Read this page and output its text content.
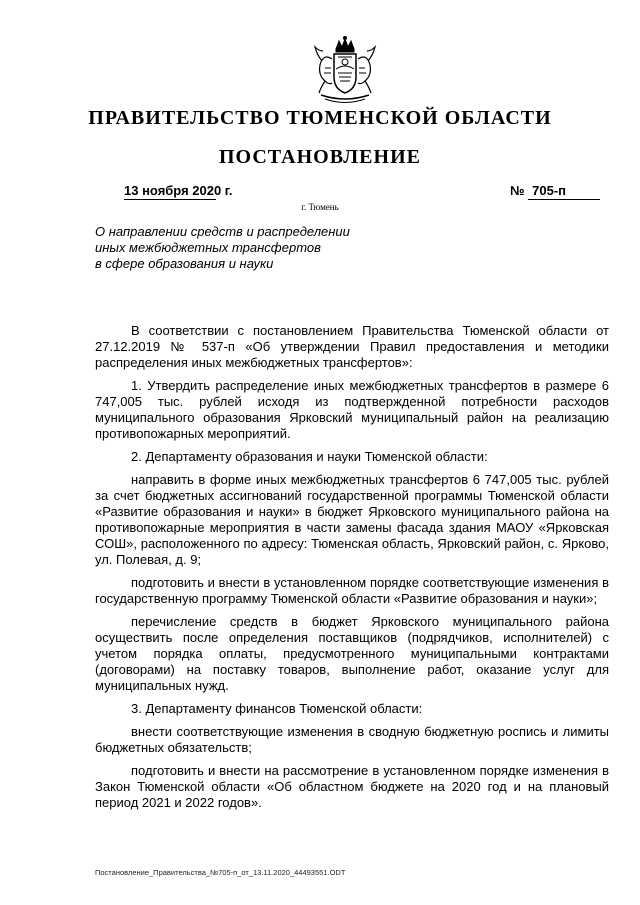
ПРАВИТЕЛЬСТВО ТЮМЕНСКОЙ ОБЛАСТИ
ПОСТАНОВЛЕНИЕ
13 ноября 2020 г.	№ 705-п
г. Тюмень
О направлении средств и распределении
иных межбюджетных трансфертов
в сфере образования и науки

В соответствии с постановлением Правительства Тюменской области от 27.12.2019 № 537-п «Об утверждении Правил предоставления и методики распределения иных межбюджетных трансфертов»:

1. Утвердить распределение иных межбюджетных трансфертов в размере 6 747,005 тыс. рублей исходя из подтвержденной потребности расходов муниципального образования Ярковский муниципальный район на реализацию противопожарных мероприятий.

2. Департаменту образования и науки Тюменской области:

направить в форме иных межбюджетных трансфертов 6 747,005 тыс. рублей за счет бюджетных ассигнований государственной программы Тюменской области «Развитие образования и науки» в бюджет Ярковского муниципального района на противопожарные мероприятия в части замены фасада здания МАОУ «Ярковская СОШ», расположенного по адресу: Тюменская область, Ярковский район, с. Ярково, ул. Полевая, д. 9;

подготовить и внести в установленном порядке соответствующие изменения в государственную программу Тюменской области «Развитие образования и науки»;

перечисление средств в бюджет Ярковского муниципального района осуществить после определения поставщиков (подрядчиков, исполнителей) с учетом порядка оплаты, предусмотренного муниципальными контрактами (договорами) на поставку товаров, выполнение работ, оказание услуг для муниципальных нужд.

3. Департаменту финансов Тюменской области:

внести соответствующие изменения в сводную бюджетную роспись и лимиты бюджетных обязательств;

подготовить и внести на рассмотрение в установленном порядке изменения в Закон Тюменской области «Об областном бюджете на 2020 год и на плановый период 2021 и 2022 годов».

Постановление_Правительства_№705-п_от_13.11.2020_44493551.ODT
